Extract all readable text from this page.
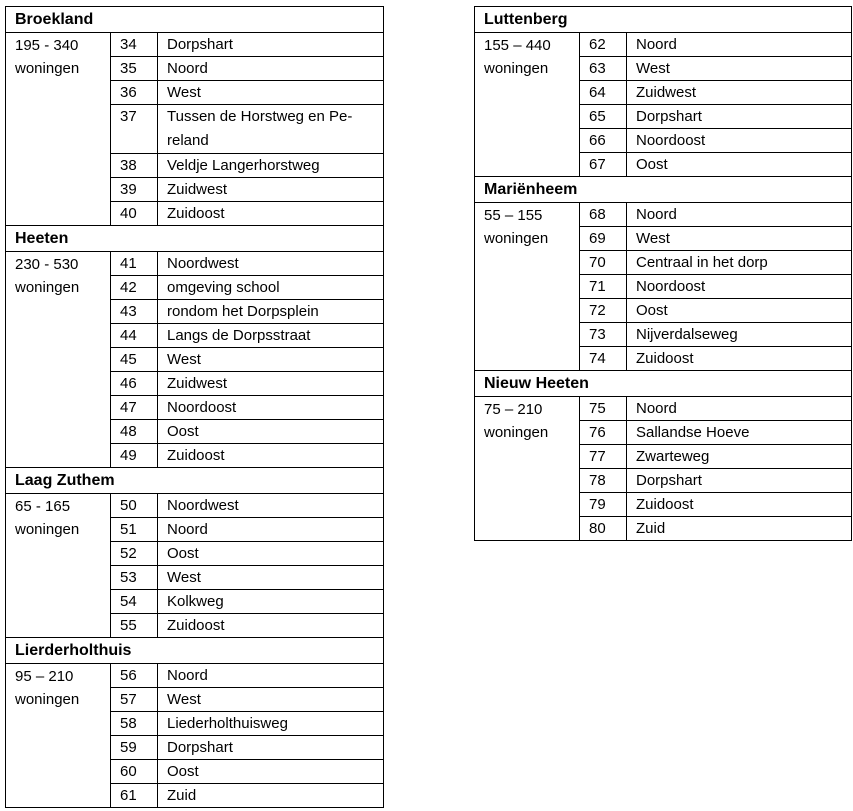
Broekland		

195 - 340
woningen	34	Dorpshart
	35	Noord
	36	West
	37	Tussen de Horstweg en Pe-
reland

	38	Veldje Langerhorstweg
	39	Zuidwest
	40	Zuidoost
Heeten		

230 - 530
woningen	41	Noordwest
	42	omgeving school
	43	rondom het Dorpsplein
	44	Langs de Dorpsstraat
	45	West
	46	Zuidwest
	47	Noordoost
	48	Oost
	49	Zuidoost
Laag Zuthem		

65 - 165
woningen	50	Noordwest
	51	Noord
	52	Oost
	53	West
	54	Kolkweg
	55	Zuidoost
Lierderholthuis		

95 – 210
woningen	56	Noord
	57	West
	58	Liederholthuisweg
	59	Dorpshart
	60	Oost
	61	Zuid
Luttenberg		

155 – 440
woningen	62	Noord
	63	West
	64	Zuidwest
	65	Dorpshart
	66	Noordoost
	67	Oost
Mariënheem		

55 – 155
woningen	68	Noord
	69	West
	70	Centraal in het dorp
	71	Noordoost
	72	Oost
	73	Nijverdalseweg
	74	Zuidoost
Nieuw Heeten		

75 – 210
woningen	75	Noord
	76	Sallandse Hoeve
	77	Zwarteweg
	78	Dorpshart
	79	Zuidoost
	80	Zuid
